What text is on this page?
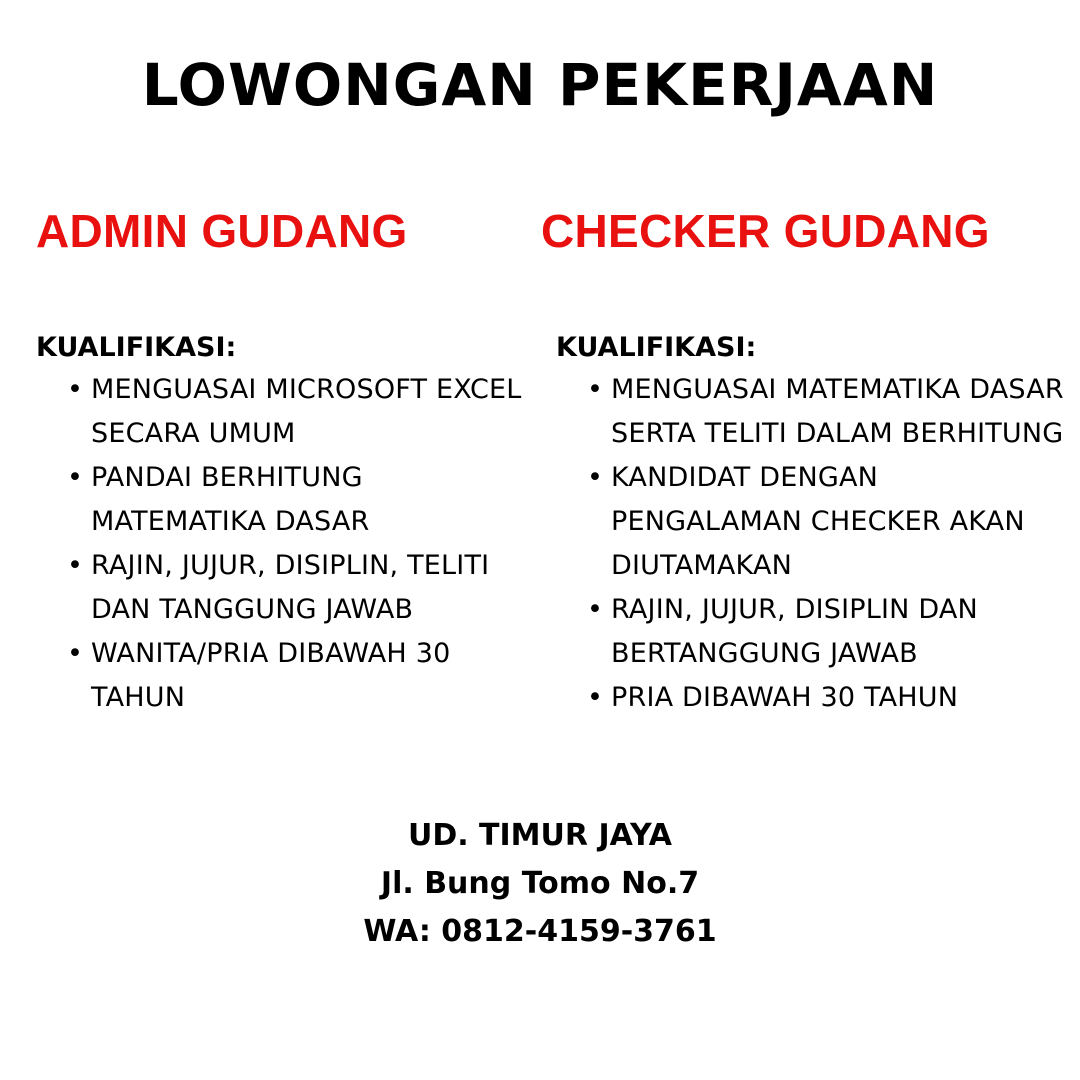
LOWONGAN PEKERJAAN
ADMIN GUDANG	CHECKER GUDANG
KUALIFIKASI:
• MENGUASAI MICROSOFT EXCEL SECARA UMUM
• PANDAI BERHITUNG MATEMATIKA DASAR
• RAJIN, JUJUR, DISIPLIN, TELITI DAN TANGGUNG JAWAB
• WANITA/PRIA DIBAWAH 30 TAHUN
KUALIFIKASI:
• MENGUASAI MATEMATIKA DASAR SERTA TELITI DALAM BERHITUNG
• KANDIDAT DENGAN PENGALAMAN CHECKER AKAN DIUTAMAKAN
• RAJIN, JUJUR, DISIPLIN DAN BERTANGGUNG JAWAB
• PRIA DIBAWAH 30 TAHUN
UD. TIMUR JAYA
Jl. Bung Tomo No.7
WA: 0812-4159-3761
